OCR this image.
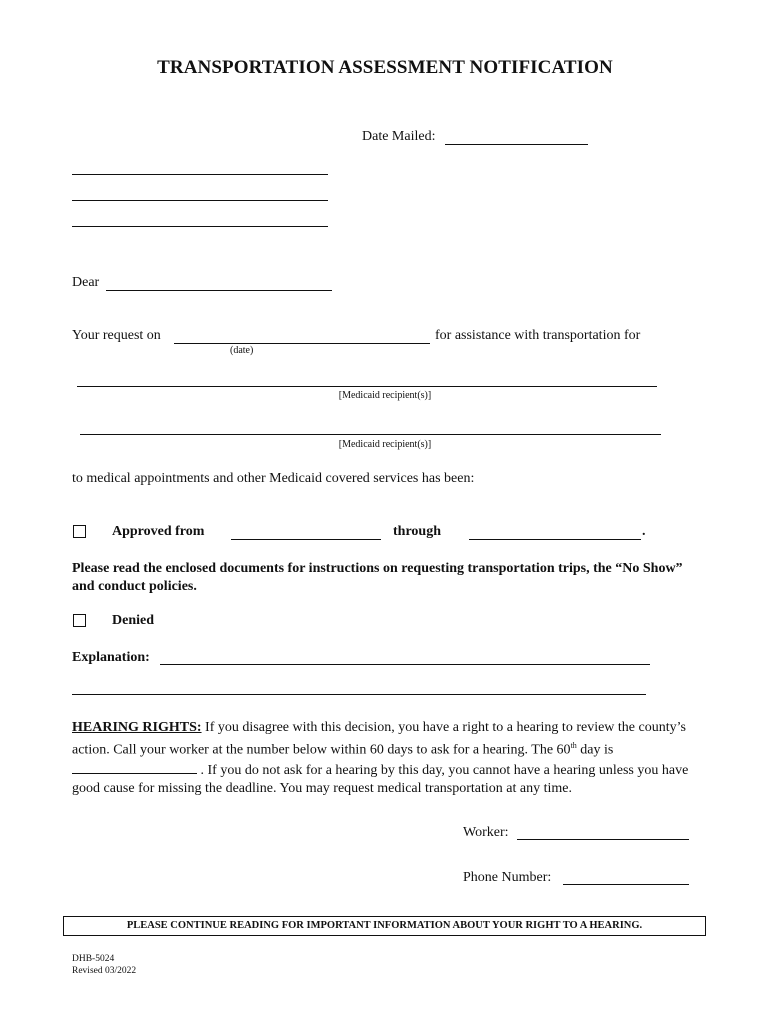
TRANSPORTATION ASSESSMENT NOTIFICATION
Date Mailed:
Dear
Your request on	for assistance with transportation for
(date)
[Medicaid recipient(s)]
[Medicaid recipient(s)]
to medical appointments and other Medicaid covered services has been:
Approved from	through	.
Please read the enclosed documents for instructions on requesting transportation trips, the “No Show” and conduct policies.
Denied
Explanation:
HEARING RIGHTS: If you disagree with this decision, you have a right to a hearing to review the county’s action. Call your worker at the number below within 60 days to ask for a hearing. The 60th day is  . If you do not ask for a hearing by this day, you cannot have a hearing unless you have good cause for missing the deadline. You may request medical transportation at any time.
Worker:
Phone Number:
PLEASE CONTINUE READING FOR IMPORTANT INFORMATION ABOUT YOUR RIGHT TO A HEARING.
DHB-5024
Revised 03/2022
